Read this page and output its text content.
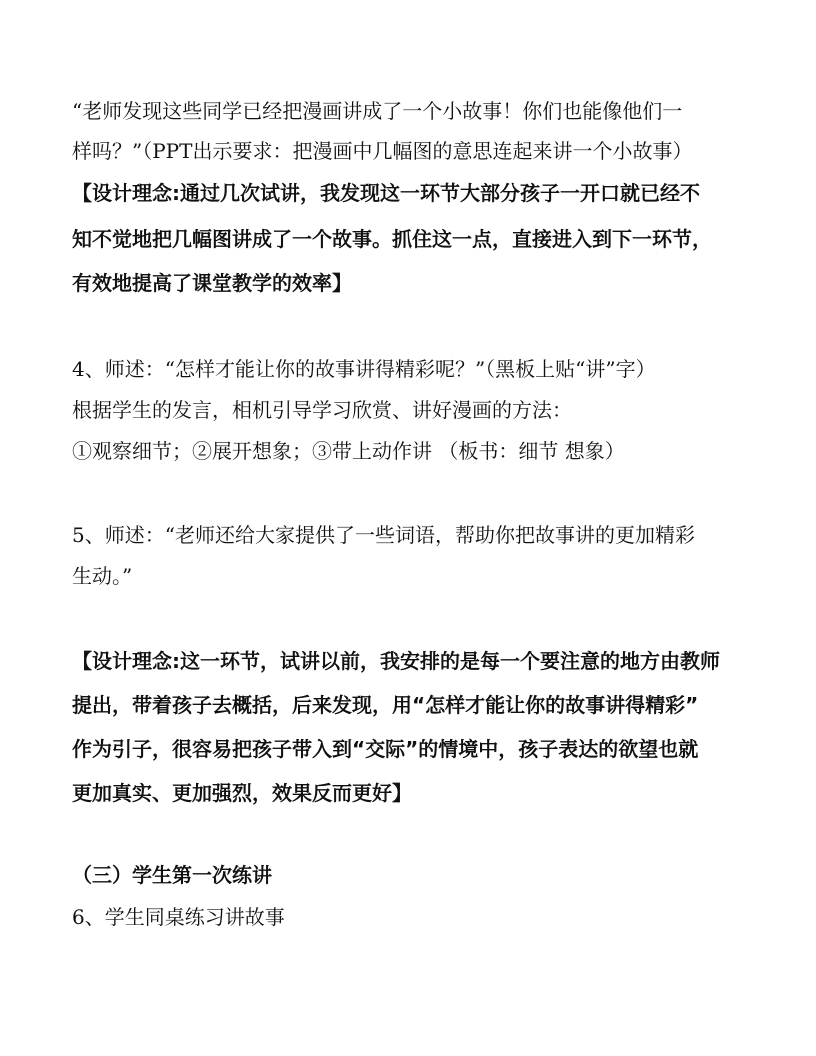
“老师发现这些同学已经把漫画讲成了一个小故事！你们也能像他们一
样吗？”（PPT出示要求：把漫画中几幅图的意思连起来讲一个小故事）
【设计理念:通过几次试讲，我发现这一环节大部分孩子一开口就已经不
知不觉地把几幅图讲成了一个故事。抓住这一点，直接进入到下一环节，
有效地提高了课堂教学的效率】
4、师述：“怎样才能让你的故事讲得精彩呢？”（黑板上贴“讲”字）
根据学生的发言，相机引导学习欣赏、讲好漫画的方法：
①观察细节；②展开想象；③带上动作讲 （板书：细节 想象）
5、师述：“老师还给大家提供了一些词语，帮助你把故事讲的更加精彩
生动。”
【设计理念:这一环节，试讲以前，我安排的是每一个要注意的地方由教师
提出，带着孩子去概括，后来发现，用“怎样才能让你的故事讲得精彩”
作为引子，很容易把孩子带入到“交际”的情境中，孩子表达的欲望也就
更加真实、更加强烈，效果反而更好】
（三）学生第一次练讲
6、学生同桌练习讲故事
